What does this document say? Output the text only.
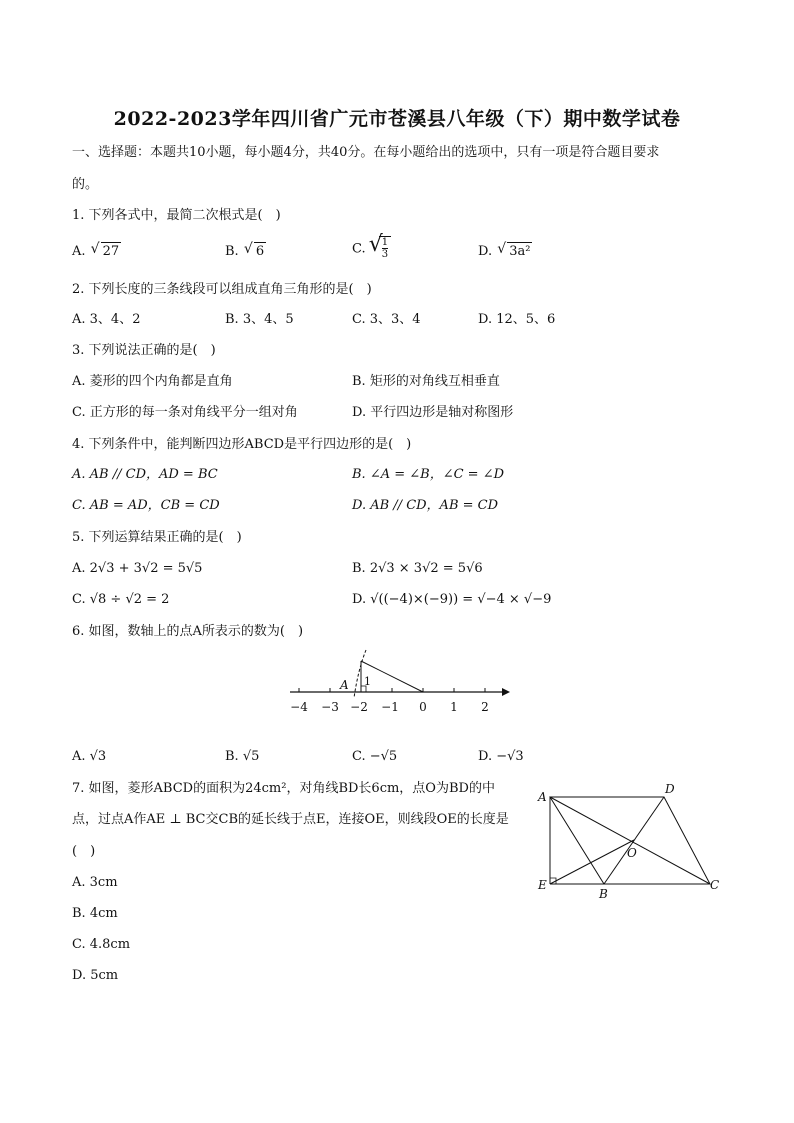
2022-2023学年四川省广元市苍溪县八年级（下）期中数学试卷
一、选择题：本题共10小题，每小题4分，共40分。在每小题给出的选项中，只有一项是符合题目要求
的。
1. 下列各式中，最简二次根式是(　)
A. √ 27	B. √ 6	C.
√ $\frac{1}{3}$	D. √ 3a²
2. 下列长度的三条线段可以组成直角三角形的是(　)
A. 3、4、2	B. 3、4、5	C. 3、3、4	D. 12、5、6
3. 下列说法正确的是(　)
A. 菱形的四个内角都是直角	B. 矩形的对角线互相垂直
C. 正方形的每一条对角线平分一组对角	D. 平行四边形是轴对称图形
4. 下列条件中，能判断四边形ABCD是平行四边形的是(　)
A. AB // CD，AD = BC	B. ∠A = ∠B，∠C = ∠D
C. AB = AD，CB = CD	D. AB // CD，AB = CD
5. 下列运算结果正确的是(　)
A. 2√3 + 3√2 = 5√5	B. 2√3 × 3√2 = 5√6
C. √8 ÷ √2 = 2	D. √((−4)×(−9)) = √−4 × √−9
6. 如图，数轴上的点A所表示的数为(　)
−4 −3 −2 −1 0 1 2
A 1
A. √3	B. √5	C. −√5	D. −√3
7. 如图，菱形ABCD的面积为24cm²，对角线BD长6cm，点O为BD的中
点，过点A作AE ⊥ BC交CB的延长线于点E，连接OE，则线段OE的长度是
(　)
A. 3cm
B. 4cm
C. 4.8cm
D. 5cm
A
D
C
B
E
O
